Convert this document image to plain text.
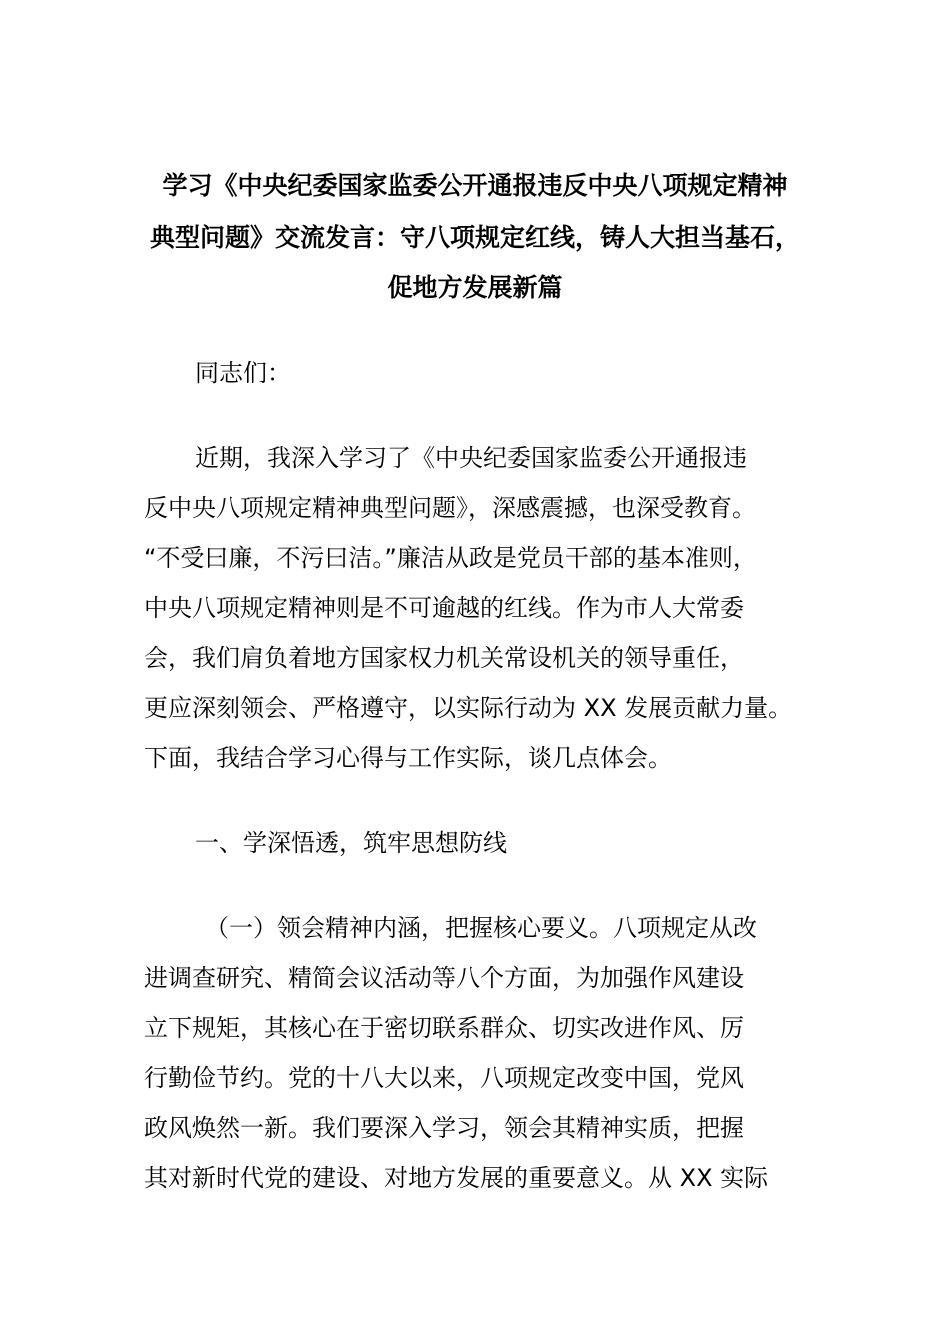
学习《中央纪委国家监委公开通报违反中央八项规定精神
典型问题》交流发言：守八项规定红线，铸人大担当基石，
促地方发展新篇
同志们：
近期，我深入学习了《中央纪委国家监委公开通报违
反中央八项规定精神典型问题》，深感震撼，也深受教育。
“不受曰廉，不污曰洁。”廉洁从政是党员干部的基本准则，
中央八项规定精神则是不可逾越的红线。作为市人大常委
会，我们肩负着地方国家权力机关常设机关的领导重任，
更应深刻领会、严格遵守，以实际行动为 XX 发展贡献力量。
下面，我结合学习心得与工作实际，谈几点体会。
一、学深悟透，筑牢思想防线
（一）领会精神内涵，把握核心要义。八项规定从改
进调查研究、精简会议活动等八个方面，为加强作风建设
立下规矩，其核心在于密切联系群众、切实改进作风、厉
行勤俭节约。党的十八大以来，八项规定改变中国，党风
政风焕然一新。我们要深入学习，领会其精神实质，把握
其对新时代党的建设、对地方发展的重要意义。从 XX 实际
